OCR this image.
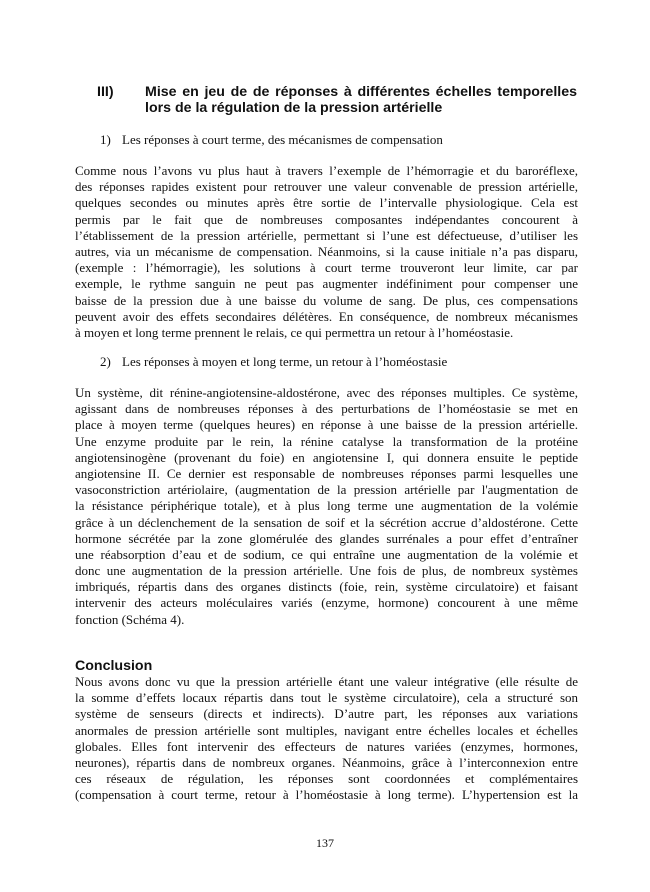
III) Mise en jeu de de réponses à différentes échelles temporelles
lors de la régulation de la pression artérielle
1) Les réponses à court terme, des mécanismes de compensation
Comme nous l’avons vu plus haut à travers l’exemple de l’hémorragie et du baroréflexe,
des réponses rapides existent pour retrouver une valeur convenable de pression artérielle,
quelques secondes ou minutes après être sortie de l’intervalle physiologique. Cela est
permis par le fait que de nombreuses composantes indépendantes concourent à
l’établissement de la pression artérielle, permettant si l’une est défectueuse, d’utiliser les
autres, via un mécanisme de compensation. Néanmoins, si la cause initiale n’a pas disparu,
(exemple : l’hémorragie), les solutions à court terme trouveront leur limite, car par
exemple, le rythme sanguin ne peut pas augmenter indéfiniment pour compenser une
baisse de la pression due à une baisse du volume de sang. De plus, ces compensations
peuvent avoir des effets secondaires délétères. En conséquence, de nombreux mécanismes
à moyen et long terme prennent le relais, ce qui permettra un retour à l’homéostasie.
2) Les réponses à moyen et long terme, un retour à l’homéostasie
Un système, dit rénine-angiotensine-aldostérone, avec des réponses multiples. Ce système,
agissant dans de nombreuses réponses à des perturbations de l’homéostasie se met en
place à moyen terme (quelques heures) en réponse à une baisse de la pression artérielle.
Une enzyme produite par le rein, la rénine catalyse la transformation de la protéine
angiotensinogène (provenant du foie) en angiotensine I, qui donnera ensuite le peptide
angiotensine II. Ce dernier est responsable de nombreuses réponses parmi lesquelles une
vasoconstriction artériolaire, (augmentation de la pression artérielle par l'augmentation de
la résistance périphérique totale), et à plus long terme une augmentation de la volémie
grâce à un déclenchement de la sensation de soif et la sécrétion accrue d’aldostérone. Cette
hormone sécrétée par la zone glomérulée des glandes surrénales a pour effet d’entraîner
une réabsorption d’eau et de sodium, ce qui entraîne une augmentation de la volémie et
donc une augmentation de la pression artérielle. Une fois de plus, de nombreux systèmes
imbriqués, répartis dans des organes distincts (foie, rein, système circulatoire) et faisant
intervenir des acteurs moléculaires variés (enzyme, hormone) concourent à une même
fonction (Schéma 4).
Conclusion
Nous avons donc vu que la pression artérielle étant une valeur intégrative (elle résulte de
la somme d’effets locaux répartis dans tout le système circulatoire), cela a structuré son
système de senseurs (directs et indirects). D’autre part, les réponses aux variations
anormales de pression artérielle sont multiples, navigant entre échelles locales et échelles
globales. Elles font intervenir des effecteurs de natures variées (enzymes, hormones,
neurones), répartis dans de nombreux organes. Néanmoins, grâce à l’interconnexion entre
ces réseaux de régulation, les réponses sont coordonnées et complémentaires
(compensation à court terme, retour à l’homéostasie à long terme). L’hypertension est la
137
